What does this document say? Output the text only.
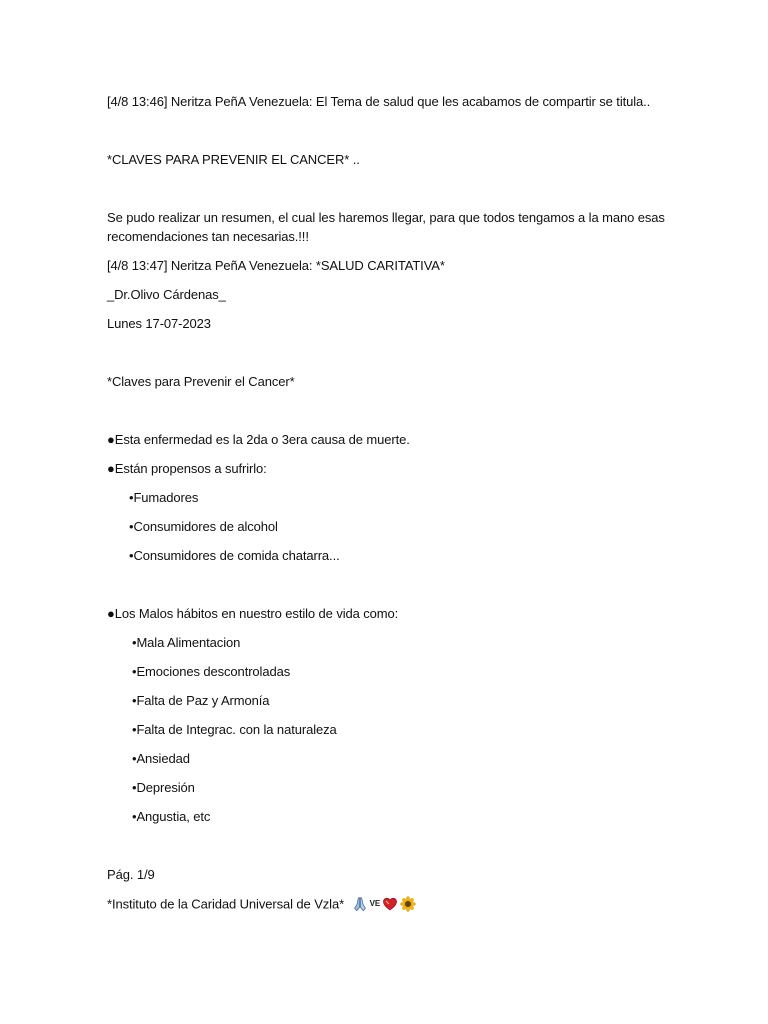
[4/8 13:46] Neritza PeñA Venezuela: El Tema de salud que les acabamos de compartir se titula..
*CLAVES PARA PREVENIR EL CANCER* ..
Se pudo realizar un resumen, el cual les haremos llegar, para que todos tengamos a la mano esas recomendaciones tan necesarias.!!!
[4/8 13:47] Neritza PeñA Venezuela: *SALUD CARITATIVA*
_Dr.Olivo Cárdenas_
Lunes 17-07-2023
*Claves para Prevenir el Cancer*
●Esta enfermedad es la 2da o 3era causa de muerte.
●Están propensos a sufrirlo:
•Fumadores
•Consumidores de alcohol
•Consumidores de comida chatarra...
●Los Malos hábitos en nuestro estilo de vida como:
•Mala Alimentacion
•Emociones descontroladas
•Falta de Paz y Armonía
•Falta de Integrac. con la naturaleza
•Ansiedad
•Depresión
•Angustia, etc
Pág. 1/9
*Instituto de la Caridad Universal de Vzla*	VE
